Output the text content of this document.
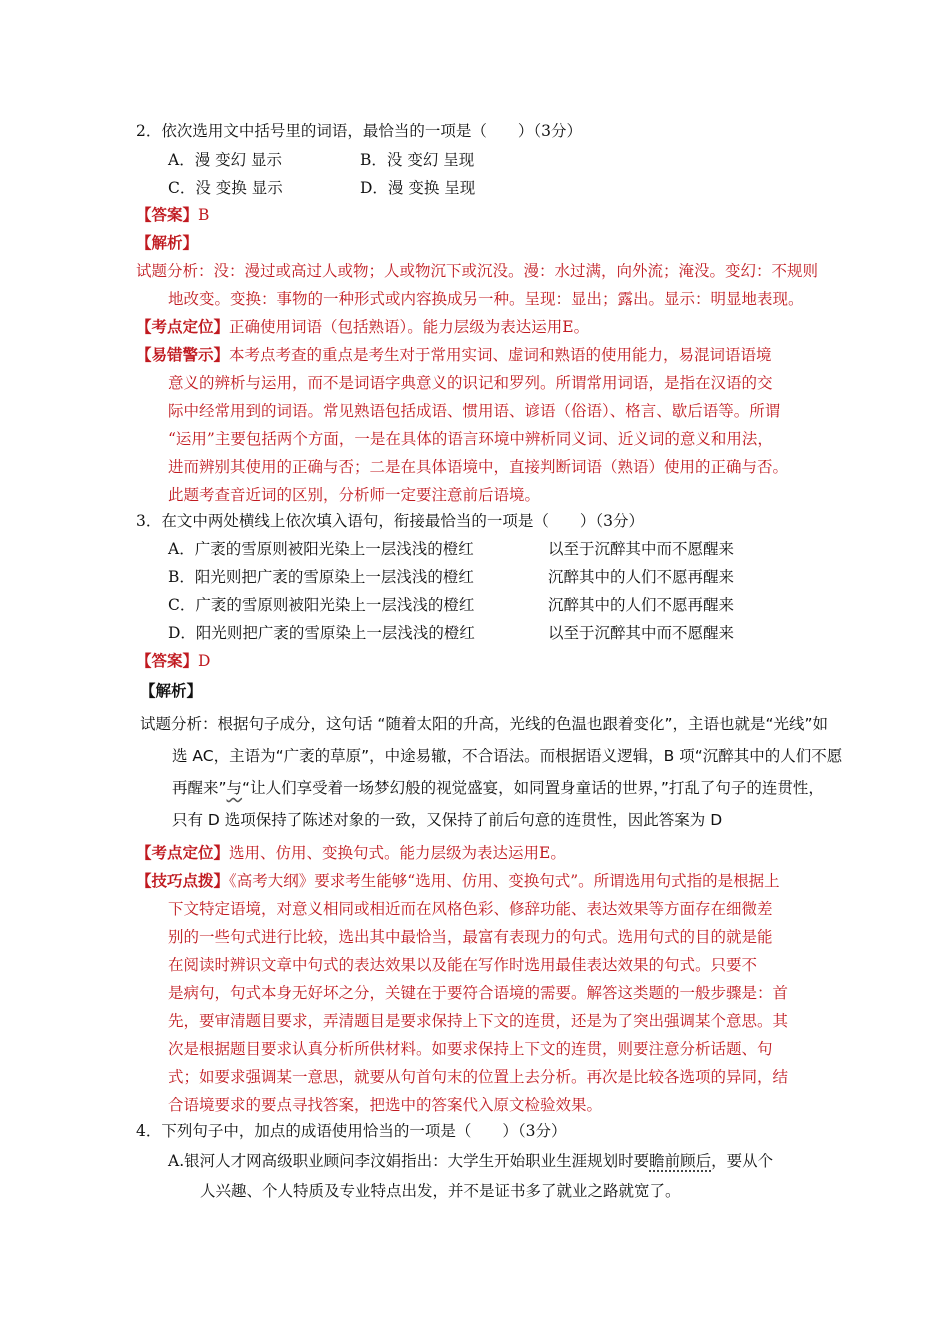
2．依次选用文中括号里的词语，最恰当的一项是（　　）（3分）
A．漫 变幻 显示	B．没 变幻 呈现
C．没 变换 显示	D．漫 变换 呈现
【答案】B
【解析】
试题分析：没：漫过或高过人或物；人或物沉下或沉没。漫：水过满，向外流；淹没。变幻：不规则
地改变。变换：事物的一种形式或内容换成另一种。呈现：显出；露出。显示：明显地表现。
【考点定位】正确使用词语（包括熟语）。能力层级为表达运用E。
【易错警示】本考点考查的重点是考生对于常用实词、虚词和熟语的使用能力，易混词语语境
意义的辨析与运用，而不是词语字典意义的识记和罗列。所谓常用词语，是指在汉语的交
际中经常用到的词语。常见熟语包括成语、惯用语、谚语（俗语）、格言、歇后语等。所谓
“运用”主要包括两个方面，一是在具体的语言环境中辨析同义词、近义词的意义和用法，
进而辨别其使用的正确与否；二是在具体语境中，直接判断词语（熟语）使用的正确与否。
此题考查音近词的区别，分析师一定要注意前后语境。
3．在文中两处横线上依次填入语句，衔接最恰当的一项是（　　）（3分）
A．广袤的雪原则被阳光染上一层浅浅的橙红	以至于沉醉其中而不愿醒来
B．阳光则把广袤的雪原染上一层浅浅的橙红	沉醉其中的人们不愿再醒来
C．广袤的雪原则被阳光染上一层浅浅的橙红	沉醉其中的人们不愿再醒来
D．阳光则把广袤的雪原染上一层浅浅的橙红	以至于沉醉其中而不愿醒来
【答案】D
【解析】
试题分析：根据句子成分，这句话 “随着太阳的升高，光线的色温也跟着变化”，主语也就是“光线”如
选 AC，主语为“广袤的草原”，中途易辙，不合语法。而根据语义逻辑，B 项“沉醉其中的人们不愿
再醒来”与“让人们享受着一场梦幻般的视觉盛宴，如同置身童话的世界，”打乱了句子的连贯性，
只有 D 选项保持了陈述对象的一致，又保持了前后句意的连贯性，因此答案为 D
【考点定位】选用、仿用、变换句式。能力层级为表达运用E。
【技巧点拨】《高考大纲》要求考生能够“选用、仿用、变换句式”。所谓选用句式指的是根据上
下文特定语境，对意义相同或相近而在风格色彩、修辞功能、表达效果等方面存在细微差
别的一些句式进行比较，选出其中最恰当，最富有表现力的句式。选用句式的目的就是能
在阅读时辨识文章中句式的表达效果以及能在写作时选用最佳表达效果的句式。只要不
是病句，句式本身无好坏之分，关键在于要符合语境的需要。解答这类题的一般步骤是：首
先，要审清题目要求，弄清题目是要求保持上下文的连贯，还是为了突出强调某个意思。其
次是根据题目要求认真分析所供材料。如要求保持上下文的连贯，则要注意分析话题、句
式；如要求强调某一意思，就要从句首句末的位置上去分析。再次是比较各选项的异同，结
合语境要求的要点寻找答案，把选中的答案代入原文检验效果。
4．下列句子中，加点的成语使用恰当的一项是（　　）（3分）
A.银河人才网高级职业顾问李汶娟指出：大学生开始职业生涯规划时要瞻前顾后，要从个
人兴趣、个人特质及专业特点出发，并不是证书多了就业之路就宽了。
